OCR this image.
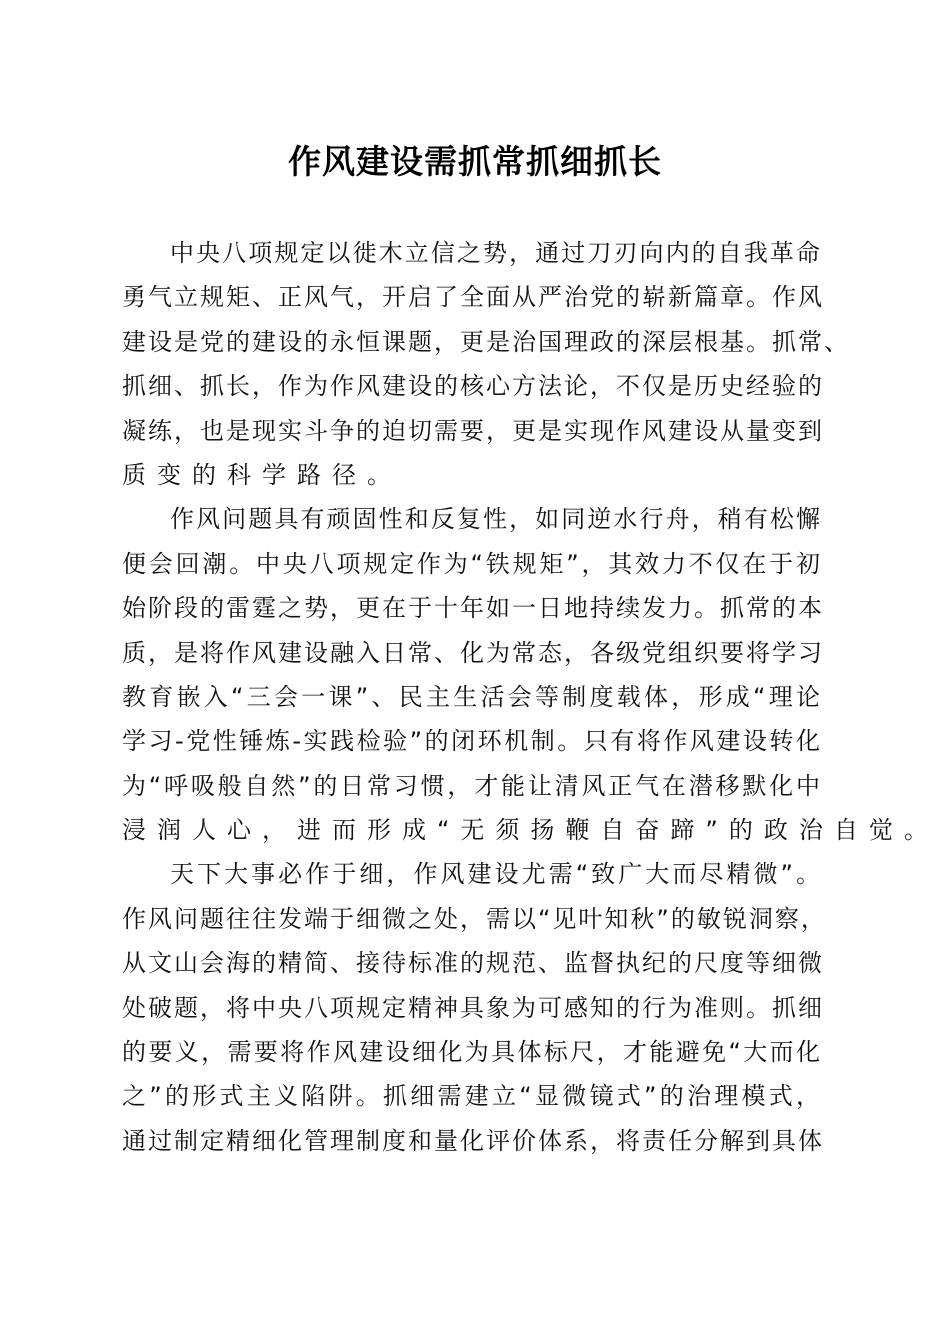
作风建设需抓常抓细抓长
中央八项规定以徙木立信之势，通过刀刃向内的自我革命
勇气立规矩、正风气，开启了全面从严治党的崭新篇章。作风
建设是党的建设的永恒课题，更是治国理政的深层根基。抓常、
抓细、抓长，作为作风建设的核心方法论，不仅是历史经验的
凝练，也是现实斗争的迫切需要，更是实现作风建设从量变到
质变的科学路径。
作风问题具有顽固性和反复性，如同逆水行舟，稍有松懈
便会回潮。中央八项规定作为“铁规矩”，其效力不仅在于初
始阶段的雷霆之势，更在于十年如一日地持续发力。抓常的本
质，是将作风建设融入日常、化为常态，各级党组织要将学习
教育嵌入“三会一课”、民主生活会等制度载体，形成“理论
学习-党性锤炼-实践检验”的闭环机制。只有将作风建设转化
为“呼吸般自然”的日常习惯，才能让清风正气在潜移默化中
浸润人心，进而形成“无须扬鞭自奋蹄”的政治自觉。
天下大事必作于细，作风建设尤需“致广大而尽精微”。
作风问题往往发端于细微之处，需以“见叶知秋”的敏锐洞察，
从文山会海的精简、接待标准的规范、监督执纪的尺度等细微
处破题，将中央八项规定精神具象为可感知的行为准则。抓细
的要义，需要将作风建设细化为具体标尺，才能避免“大而化
之”的形式主义陷阱。抓细需建立“显微镜式”的治理模式，
通过制定精细化管理制度和量化评价体系，将责任分解到具体
